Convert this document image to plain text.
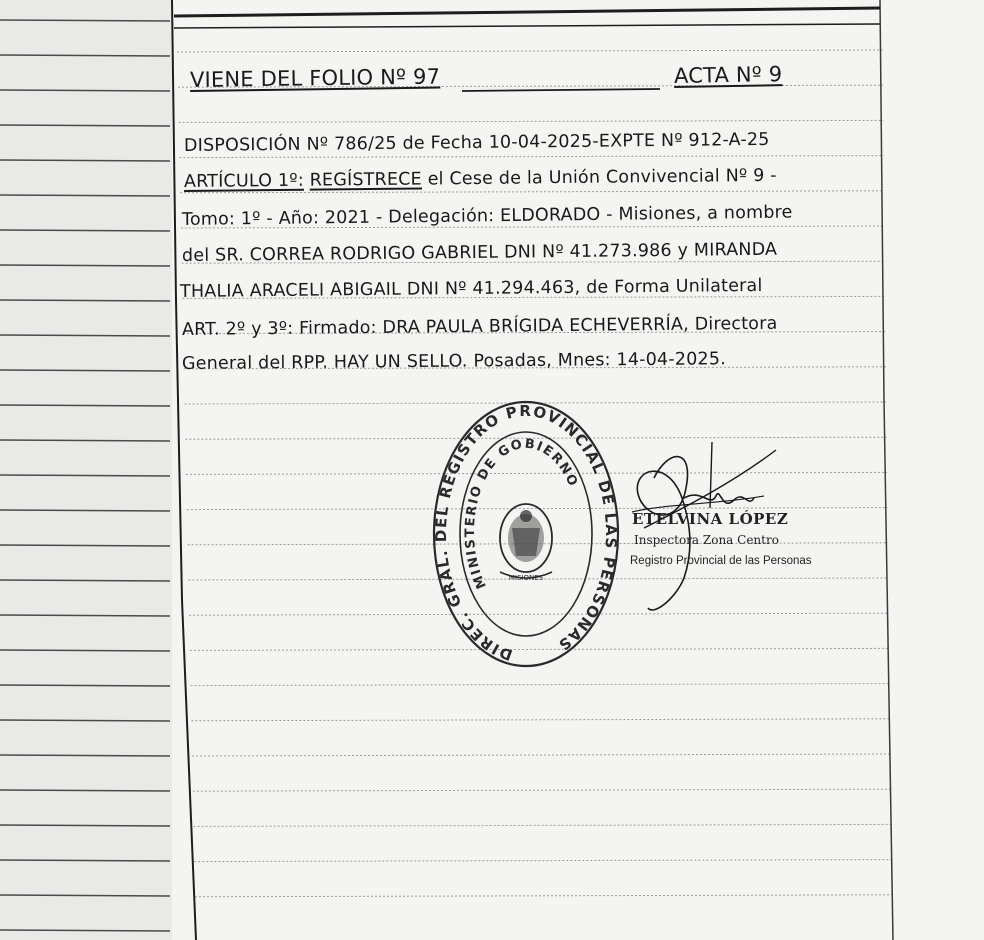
VIENE DEL FOLIO Nº 97	ACTA Nº 9
DISPOSICIÓN Nº 786/25 de Fecha 10-04-2025-EXPTE Nº 912-A-25
ARTÍCULO 1º: REGÍSTRECE el Cese de la Unión Convivencial Nº 9 -
Tomo: 1º - Año: 2021 - Delegación: ELDORADO - Misiones, a nombre
del SR. CORREA RODRIGO GABRIEL DNI Nº 41.273.986 y MIRANDA
THALIA ARACELI ABIGAIL DNI Nº 41.294.463, de Forma Unilateral
ART. 2º y 3º: Firmado: DRA PAULA BRÍGIDA ECHEVERRÍA, Directora
General del RPP. HAY UN SELLO. Posadas, Mnes: 14-04-2025.
DIREC. GRAL. DEL REGISTRO PROVINCIAL DE LAS PERSONAS
MINISTERIO DE GOBIERNO
MISIONES
ETELVINA LÓPEZ
Inspectora Zona Centro
Registro Provincial de las Personas
